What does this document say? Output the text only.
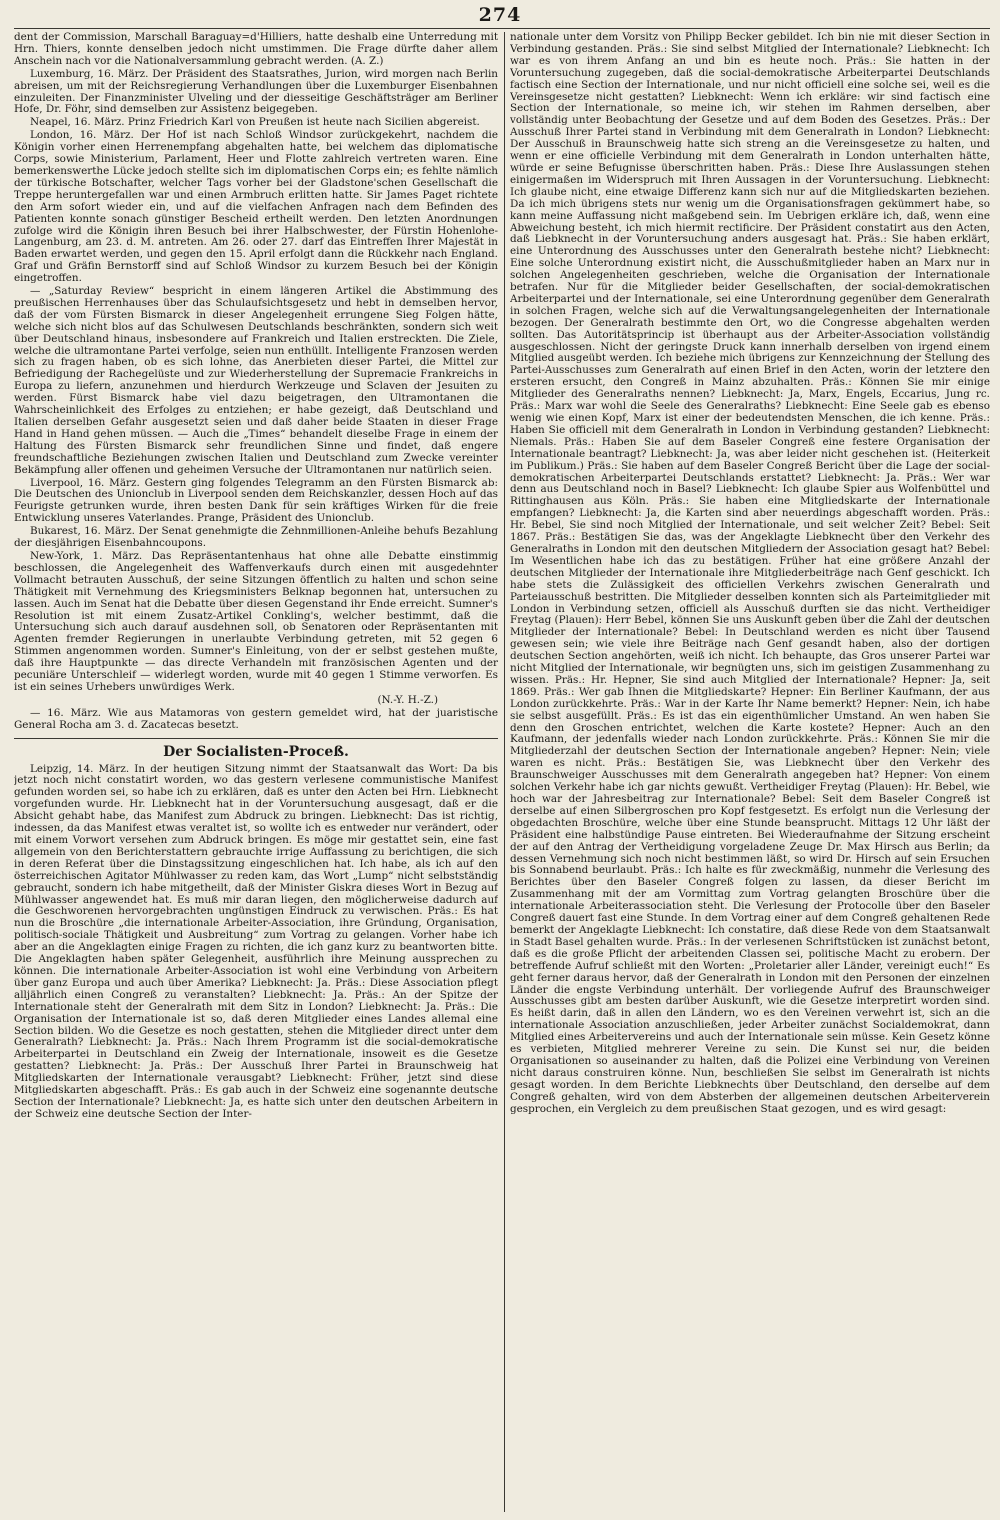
274

dent der Commission, Marschall Baraguay=d'Hilliers, hatte deshalb eine Unterredung mit Hrn. Thiers, konnte denselben jedoch nicht umstimmen. Die Frage dürfte daher allem Anschein nach vor die Nationalversammlung gebracht werden. (A. Z.)

Luxemburg, 16. März. Der Präsident des Staatsrathes, Jurion, wird morgen nach Berlin abreisen, um mit der Reichsregierung Verhandlungen über die Luxemburger Eisenbahnen einzuleiten. Der Finanzminister Ulveling und der diesseitige Geschäftsträger am Berliner Hofe, Dr. Föhr, sind demselben zur Assistenz beigegeben.

Neapel, 16. März. Prinz Friedrich Karl von Preußen ist heute nach Sicilien abgereist.

London, 16. März. Der Hof ist nach Schloß Windsor zurückgekehrt, nachdem die Königin vorher einen Herrenempfang abgehalten hatte, bei welchem das diplomatische Corps, sowie Ministerium, Parlament, Heer und Flotte zahlreich vertreten waren. Eine bemerkenswerthe Lücke jedoch stellte sich im diplomatischen Corps ein; es fehlte nämlich der türkische Botschafter, welcher Tags vorher bei der Gladstone'schen Gesellschaft die Treppe heruntergefallen war und einen Armbruch erlitten hatte. Sir James Paget richtete den Arm sofort wieder ein, und auf die vielfachen Anfragen nach dem Befinden des Patienten konnte sonach günstiger Bescheid ertheilt werden. Den letzten Anordnungen zufolge wird die Königin ihren Besuch bei ihrer Halbschwester, der Fürstin Hohenlohe-Langenburg, am 23. d. M. antreten. Am 26. oder 27. darf das Eintreffen Ihrer Majestät in Baden erwartet werden, und gegen den 15. April erfolgt dann die Rückkehr nach England. Graf und Gräfin Bernstorff sind auf Schloß Windsor zu kurzem Besuch bei der Königin eingetroffen.

— „Saturday Review“ bespricht in einem längeren Artikel die Abstimmung des preußischen Herrenhauses über das Schulaufsichtsgesetz und hebt in demselben hervor, daß der vom Fürsten Bismarck in dieser Angelegenheit errungene Sieg Folgen hätte, welche sich nicht blos auf das Schulwesen Deutschlands beschränkten, sondern sich weit über Deutschland hinaus, insbesondere auf Frankreich und Italien erstreckten. Die Ziele, welche die ultramontane Partei verfolge, seien nun enthüllt. Intelligente Franzosen werden sich zu fragen haben, ob es sich lohne, das Anerbieten dieser Partei, die Mittel zur Befriedigung der Rachegelüste und zur Wiederherstellung der Supremacie Frankreichs in Europa zu liefern, anzunehmen und hierdurch Werkzeuge und Sclaven der Jesuiten zu werden. Fürst Bismarck habe viel dazu beigetragen, den Ultramontanen die Wahrscheinlichkeit des Erfolges zu entziehen; er habe gezeigt, daß Deutschland und Italien derselben Gefahr ausgesetzt seien und daß daher beide Staaten in dieser Frage Hand in Hand gehen müssen. — Auch die „Times“ behandelt dieselbe Frage in einem der Haltung des Fürsten Bismarck sehr freundlichen Sinne und findet, daß engere freundschaftliche Beziehungen zwischen Italien und Deutschland zum Zwecke vereinter Bekämpfung aller offenen und geheimen Versuche der Ultramontanen nur natürlich seien.

Liverpool, 16. März. Gestern ging folgendes Telegramm an den Fürsten Bismarck ab: Die Deutschen des Unionclub in Liverpool senden dem Reichskanzler, dessen Hoch auf das Feurigste getrunken wurde, ihren besten Dank für sein kräftiges Wirken für die freie Entwicklung unseres Vaterlandes. Prange, Präsident des Unionclub.

Bukarest, 16. März. Der Senat genehmigte die Zehnmillionen-Anleihe behufs Bezahlung der diesjährigen Eisenbahncoupons.

New-York, 1. März. Das Repräsentantenhaus hat ohne alle Debatte einstimmig beschlossen, die Angelegenheit des Waffenverkaufs durch einen mit ausgedehnter Vollmacht betrauten Ausschuß, der seine Sitzungen öffentlich zu halten und schon seine Thätigkeit mit Vernehmung des Kriegsministers Belknap begonnen hat, untersuchen zu lassen. Auch im Senat hat die Debatte über diesen Gegenstand ihr Ende erreicht. Sumner's Resolution ist mit einem Zusatz-Artikel Conkling's, welcher bestimmt, daß die Untersuchung sich auch darauf ausdehnen soll, ob Senatoren oder Repräsentanten mit Agenten fremder Regierungen in unerlaubte Verbindung getreten, mit 52 gegen 6 Stimmen angenommen worden. Sumner's Einleitung, von der er selbst gestehen mußte, daß ihre Hauptpunkte — das directe Verhandeln mit französischen Agenten und der pecuniäre Unterschleif — widerlegt worden, wurde mit 40 gegen 1 Stimme verworfen. Es ist ein seines Urhebers unwürdiges Werk.

(N.-Y. H.-Z.)

— 16. März. Wie aus Matamoras von gestern gemeldet wird, hat der juaristische General Rocha am 3. d. Zacatecas besetzt.

Der Socialisten-Proceß.

Leipzig, 14. März. In der heutigen Sitzung nimmt der Staatsanwalt das Wort: Da bis jetzt noch nicht constatirt worden, wo das gestern verlesene communistische Manifest gefunden worden sei, so habe ich zu erklären, daß es unter den Acten bei Hrn. Liebknecht vorgefunden wurde. Hr. Liebknecht hat in der Voruntersuchung ausgesagt, daß er die Absicht gehabt habe, das Manifest zum Abdruck zu bringen. Liebknecht: Das ist richtig, indessen, da das Manifest etwas veraltet ist, so wollte ich es entweder nur verändert, oder mit einem Vorwort versehen zum Abdruck bringen. Es möge mir gestattet sein, eine fast allgemein von den Berichterstattern gebrauchte irrige Auffassung zu berichtigen, die sich in deren Referat über die Dinstagssitzung eingeschlichen hat. Ich habe, als ich auf den österreichischen Agitator Mühlwasser zu reden kam, das Wort „Lump“ nicht selbstständig gebraucht, sondern ich habe mitgetheilt, daß der Minister Giskra dieses Wort in Bezug auf Mühlwasser angewendet hat. Es muß mir daran liegen, den möglicherweise dadurch auf die Geschworenen hervorgebrachten ungünstigen Eindruck zu verwischen. Präs.: Es hat nun die Broschüre „die internationale Arbeiter-Association, ihre Gründung, Organisation, politisch-sociale Thätigkeit und Ausbreitung“ zum Vortrag zu gelangen. Vorher habe ich aber an die Angeklagten einige Fragen zu richten, die ich ganz kurz zu beantworten bitte. Die Angeklagten haben später Gelegenheit, ausführlich ihre Meinung aussprechen zu können. Die internationale Arbeiter-Association ist wohl eine Verbindung von Arbeitern über ganz Europa und auch über Amerika? Liebknecht: Ja. Präs.: Diese Association pflegt alljährlich einen Congreß zu veranstalten? Liebknecht: Ja. Präs.: An der Spitze der Internationale steht der Generalrath mit dem Sitz in London? Liebknecht: Ja. Präs.: Die Organisation der Internationale ist so, daß deren Mitglieder eines Landes allemal eine Section bilden. Wo die Gesetze es noch gestatten, stehen die Mitglieder direct unter dem Generalrath? Liebknecht: Ja. Präs.: Nach Ihrem Programm ist die social-demokratische Arbeiterpartei in Deutschland ein Zweig der Internationale, insoweit es die Gesetze gestatten? Liebknecht: Ja. Präs.: Der Ausschuß Ihrer Partei in Braunschweig hat Mitgliedskarten der Internationale verausgabt? Liebknecht: Früher, jetzt sind diese Mitgliedskarten abgeschafft. Präs.: Es gab auch in der Schweiz eine sogenannte deutsche Section der Internationale? Liebknecht: Ja, es hatte sich unter den deutschen Arbeitern in der Schweiz eine deutsche Section der Inter-

nationale unter dem Vorsitz von Philipp Becker gebildet. Ich bin nie mit dieser Section in Verbindung gestanden. Präs.: Sie sind selbst Mitglied der Internationale? Liebknecht: Ich war es von ihrem Anfang an und bin es heute noch. Präs.: Sie hatten in der Voruntersuchung zugegeben, daß die social-demokratische Arbeiterpartei Deutschlands factisch eine Section der Internationale, und nur nicht officiell eine solche sei, weil es die Vereinsgesetze nicht gestatten? Liebknecht: Wenn ich erkläre: wir sind factisch eine Section der Internationale, so meine ich, wir stehen im Rahmen derselben, aber vollständig unter Beobachtung der Gesetze und auf dem Boden des Gesetzes. Präs.: Der Ausschuß Ihrer Partei stand in Verbindung mit dem Generalrath in London? Liebknecht: Der Ausschuß in Braunschweig hatte sich streng an die Vereinsgesetze zu halten, und wenn er eine officielle Verbindung mit dem Generalrath in London unterhalten hätte, würde er seine Befugnisse überschritten haben. Präs.: Diese Ihre Auslassungen stehen einigermaßen im Widerspruch mit Ihren Aussagen in der Voruntersuchung. Liebknecht: Ich glaube nicht, eine etwaige Differenz kann sich nur auf die Mitgliedskarten beziehen. Da ich mich übrigens stets nur wenig um die Organisationsfragen gekümmert habe, so kann meine Auffassung nicht maßgebend sein. Im Uebrigen erkläre ich, daß, wenn eine Abweichung besteht, ich mich hiermit rectificire. Der Präsident constatirt aus den Acten, daß Liebknecht in der Voruntersuchung anders ausgesagt hat. Präs.: Sie haben erklärt, eine Unterordnung des Ausschusses unter den Generalrath bestehe nicht? Liebknecht: Eine solche Unterordnung existirt nicht, die Ausschußmitglieder haben an Marx nur in solchen Angelegenheiten geschrieben, welche die Organisation der Internationale betrafen. Nur für die Mitglieder beider Gesellschaften, der social-demokratischen Arbeiterpartei und der Internationale, sei eine Unterordnung gegenüber dem Generalrath in solchen Fragen, welche sich auf die Verwaltungsangelegenheiten der Internationale bezogen. Der Generalrath bestimmte den Ort, wo die Congresse abgehalten werden sollten. Das Autoritätsprincip ist überhaupt aus der Arbeiter-Association vollständig ausgeschlossen. Nicht der geringste Druck kann innerhalb derselben von irgend einem Mitglied ausgeübt werden. Ich beziehe mich übrigens zur Kennzeichnung der Stellung des Partei-Ausschusses zum Generalrath auf einen Brief in den Acten, worin der letztere den ersteren ersucht, den Congreß in Mainz abzuhalten. Präs.: Können Sie mir einige Mitglieder des Generalraths nennen? Liebknecht: Ja, Marx, Engels, Eccarius, Jung rc. Präs.: Marx war wohl die Seele des Generalraths? Liebknecht: Eine Seele gab es ebenso wenig wie einen Kopf, Marx ist einer der bedeutendsten Menschen, die ich kenne. Präs.: Haben Sie officiell mit dem Generalrath in London in Verbindung gestanden? Liebknecht: Niemals. Präs.: Haben Sie auf dem Baseler Congreß eine festere Organisation der Internationale beantragt? Liebknecht: Ja, was aber leider nicht geschehen ist. (Heiterkeit im Publikum.) Präs.: Sie haben auf dem Baseler Congreß Bericht über die Lage der social-demokratischen Arbeiterpartei Deutschlands erstattet? Liebknecht: Ja. Präs.: Wer war denn aus Deutschland noch in Basel? Liebknecht: Ich glaube Spier aus Wolfenbüttel und Rittinghausen aus Köln. Präs.: Sie haben eine Mitgliedskarte der Internationale empfangen? Liebknecht: Ja, die Karten sind aber neuerdings abgeschafft worden. Präs.: Hr. Bebel, Sie sind noch Mitglied der Internationale, und seit welcher Zeit? Bebel: Seit 1867. Präs.: Bestätigen Sie das, was der Angeklagte Liebknecht über den Verkehr des Generalraths in London mit den deutschen Mitgliedern der Association gesagt hat? Bebel: Im Wesentlichen habe ich das zu bestätigen. Früher hat eine größere Anzahl der deutschen Mitglieder der Internationale ihre Mitgliederbeiträge nach Genf geschickt. Ich habe stets die Zulässigkeit des officiellen Verkehrs zwischen Generalrath und Parteiausschuß bestritten. Die Mitglieder desselben konnten sich als Parteimitglieder mit London in Verbindung setzen, officiell als Ausschuß durften sie das nicht. Vertheidiger Freytag (Plauen): Herr Bebel, können Sie uns Auskunft geben über die Zahl der deutschen Mitglieder der Internationale? Bebel: In Deutschland werden es nicht über Tausend gewesen sein; wie viele ihre Beiträge nach Genf gesandt haben, also der dortigen deutschen Section angehörten, weiß ich nicht. Ich behaupte, das Gros unserer Partei war nicht Mitglied der Internationale, wir begnügten uns, sich im geistigen Zusammenhang zu wissen. Präs.: Hr. Hepner, Sie sind auch Mitglied der Internationale? Hepner: Ja, seit 1869. Präs.: Wer gab Ihnen die Mitgliedskarte? Hepner: Ein Berliner Kaufmann, der aus London zurückkehrte. Präs.: War in der Karte Ihr Name bemerkt? Hepner: Nein, ich habe sie selbst ausgefüllt. Präs.: Es ist das ein eigenthümlicher Umstand. An wen haben Sie denn den Groschen entrichtet, welchen die Karte kostete? Hepner: Auch an den Kaufmann, der jedenfalls wieder nach London zurückkehrte. Präs.: Können Sie mir die Mitgliederzahl der deutschen Section der Internationale angeben? Hepner: Nein; viele waren es nicht. Präs.: Bestätigen Sie, was Liebknecht über den Verkehr des Braunschweiger Ausschusses mit dem Generalrath angegeben hat? Hepner: Von einem solchen Verkehr habe ich gar nichts gewußt. Vertheidiger Freytag (Plauen): Hr. Bebel, wie hoch war der Jahresbeitrag zur Internationale? Bebel: Seit dem Baseler Congreß ist derselbe auf einen Silbergroschen pro Kopf festgesetzt. Es erfolgt nun die Verlesung der obgedachten Broschüre, welche über eine Stunde beansprucht. Mittags 12 Uhr läßt der Präsident eine halbstündige Pause eintreten. Bei Wiederaufnahme der Sitzung erscheint der auf den Antrag der Vertheidigung vorgeladene Zeuge Dr. Max Hirsch aus Berlin; da dessen Vernehmung sich noch nicht bestimmen läßt, so wird Dr. Hirsch auf sein Ersuchen bis Sonnabend beurlaubt. Präs.: Ich halte es für zweckmäßig, nunmehr die Verlesung des Berichtes über den Baseler Congreß folgen zu lassen, da dieser Bericht im Zusammenhang mit der am Vormittag zum Vortrag gelangten Broschüre über die internationale Arbeiterassociation steht. Die Verlesung der Protocolle über den Baseler Congreß dauert fast eine Stunde. In dem Vortrag einer auf dem Congreß gehaltenen Rede bemerkt der Angeklagte Liebknecht: Ich constatire, daß diese Rede von dem Staatsanwalt in Stadt Basel gehalten wurde. Präs.: In der verlesenen Schriftstücken ist zunächst betont, daß es die große Pflicht der arbeitenden Classen sei, politische Macht zu erobern. Der betreffende Aufruf schließt mit den Worten: „Proletarier aller Länder, vereinigt euch!“ Es geht ferner daraus hervor, daß der Generalrath in London mit den Personen der einzelnen Länder die engste Verbindung unterhält. Der vorliegende Aufruf des Braunschweiger Ausschusses gibt am besten darüber Auskunft, wie die Gesetze interpretirt worden sind. Es heißt darin, daß in allen den Ländern, wo es den Vereinen verwehrt ist, sich an die internationale Association anzuschließen, jeder Arbeiter zunächst Socialdemokrat, dann Mitglied eines Arbeitervereins und auch der Internationale sein müsse. Kein Gesetz könne es verbieten, Mitglied mehrerer Vereine zu sein. Die Kunst sei nur, die beiden Organisationen so auseinander zu halten, daß die Polizei eine Verbindung von Vereinen nicht daraus construiren könne. Nun, beschließen Sie selbst im Generalrath ist nichts gesagt worden. In dem Berichte Liebknechts über Deutschland, den derselbe auf dem Congreß gehalten, wird von dem Absterben der allgemeinen deutschen Arbeiterverein gesprochen, ein Vergleich zu dem preußischen Staat gezogen, und es wird gesagt:
